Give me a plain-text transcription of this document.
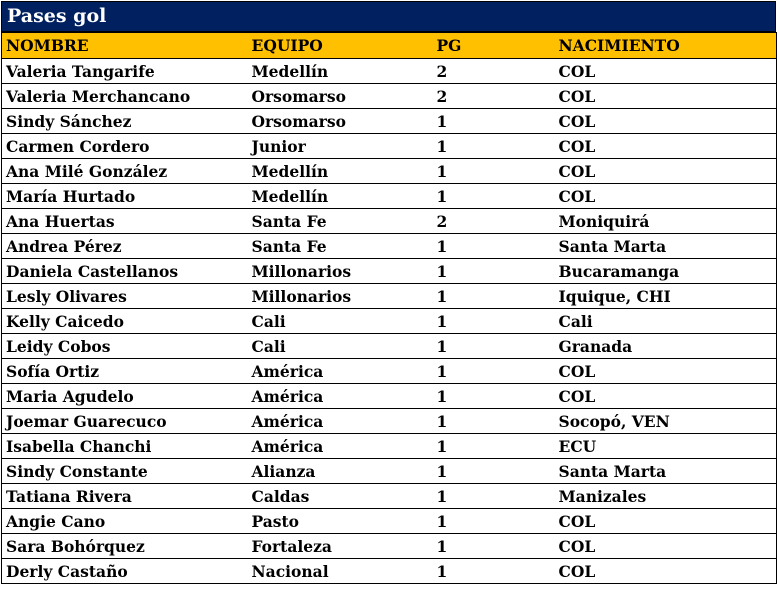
Pases gol
NOMBRE	EQUIPO	PG	NACIMIENTO
Valeria Tangarife	Medellín	2	COL
Valeria Merchancano	Orsomarso	2	COL
Sindy Sánchez	Orsomarso	1	COL
Carmen Cordero	Junior	1	COL
Ana Milé González	Medellín	1	COL
María Hurtado	Medellín	1	COL
Ana Huertas	Santa Fe	2	Moniquirá
Andrea Pérez	Santa Fe	1	Santa Marta
Daniela Castellanos	Millonarios	1	Bucaramanga
Lesly Olivares	Millonarios	1	Iquique, CHI
Kelly Caicedo	Cali	1	Cali
Leidy Cobos	Cali	1	Granada
Sofía Ortiz	América	1	COL
Maria Agudelo	América	1	COL
Joemar Guarecuco	América	1	Socopó, VEN
Isabella Chanchi	América	1	ECU
Sindy Constante	Alianza	1	Santa Marta
Tatiana Rivera	Caldas	1	Manizales
Angie Cano	Pasto	1	COL
Sara Bohórquez	Fortaleza	1	COL
Derly Castaño	Nacional	1	COL
